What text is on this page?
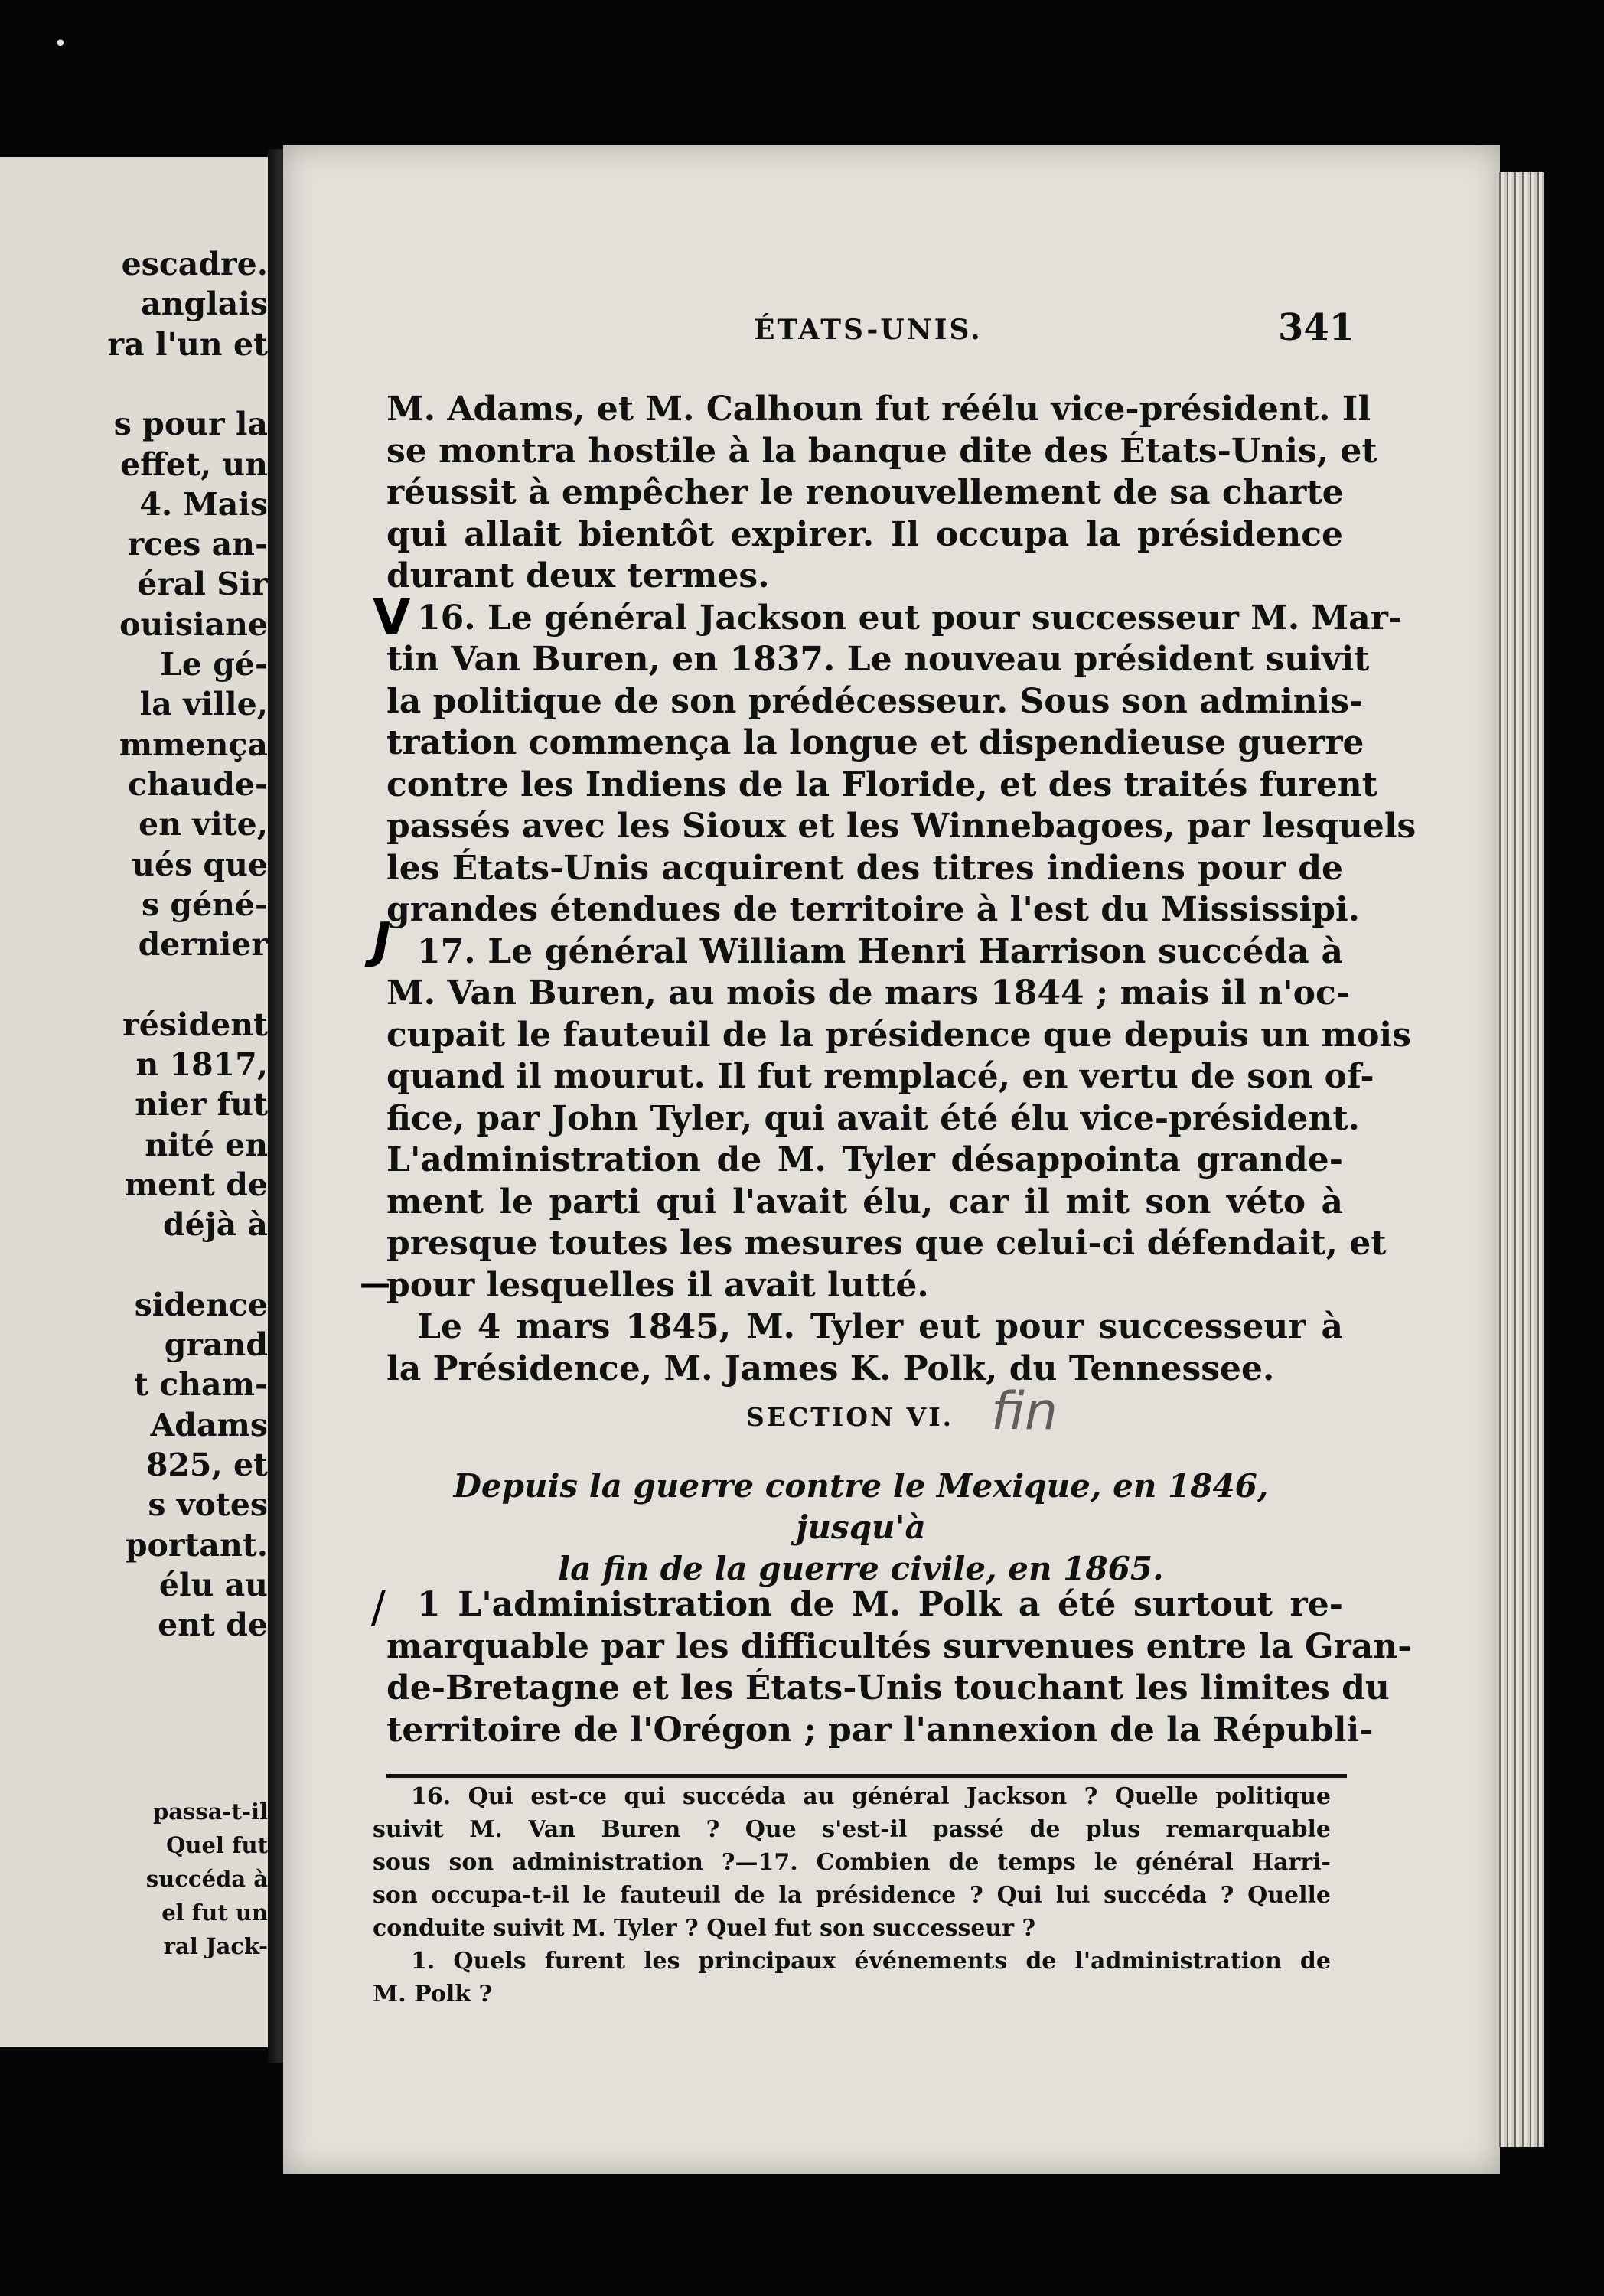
escadre.
anglais
ra l'un et
s pour la
effet, un
4. Mais
rces an-
éral Sir
ouisiane
Le gé-
la ville,
mmença
chaude-
en vite,
ués que
s géné-
dernier
résident
n 1817,
nier fut
nité en
ment de
déjà à
sidence
grand
t cham-
Adams
825, et
s votes
portant.
élu au
ent de
passa-t-il
Quel fut
succéda à
el fut un
ral Jack-
ÉTATS-UNIS.	341
V
J
—
M. Adams, et M. Calhoun fut réélu vice-président. Il
se montra hostile à la banque dite des États-Unis, et
réussit à empêcher le renouvellement de sa charte
qui allait bientôt expirer. Il occupa la présidence
durant deux termes.
16. Le général Jackson eut pour successeur M. Mar-
tin Van Buren, en 1837. Le nouveau président suivit
la politique de son prédécesseur. Sous son adminis-
tration commença la longue et dispendieuse guerre
contre les Indiens de la Floride, et des traités furent
passés avec les Sioux et les Winnebagoes, par lesquels
les États-Unis acquirent des titres indiens pour de
grandes étendues de territoire à l'est du Mississipi.
17. Le général William Henri Harrison succéda à
M. Van Buren, au mois de mars 1844 ; mais il n'oc-
cupait le fauteuil de la présidence que depuis un mois
quand il mourut. Il fut remplacé, en vertu de son of-
fice, par John Tyler, qui avait été élu vice-président.
L'administration de M. Tyler désappointa grande-
ment le parti qui l'avait élu, car il mit son véto à
presque toutes les mesures que celui-ci défendait, et
pour lesquelles il avait lutté.
Le 4 mars 1845, M. Tyler eut pour successeur à
la Présidence, M. James K. Polk, du Tennessee.
SECTION VI. fin
Depuis la guerre contre le Mexique, en 1846, jusqu'à
la fin de la guerre civile, en 1865.
/ 1 L'administration de M. Polk a été surtout re-
marquable par les difficultés survenues entre la Gran-
de-Bretagne et les États-Unis touchant les limites du
territoire de l'Orégon ; par l'annexion de la Républi-
16. Qui est-ce qui succéda au général Jackson ? Quelle politique
suivit M. Van Buren ? Que s'est-il passé de plus remarquable
sous son administration ?—17. Combien de temps le général Harri-
son occupa-t-il le fauteuil de la présidence ? Qui lui succéda ? Quelle
conduite suivit M. Tyler ? Quel fut son successeur ?
1. Quels furent les principaux événements de l'administration de
M. Polk ?
•
